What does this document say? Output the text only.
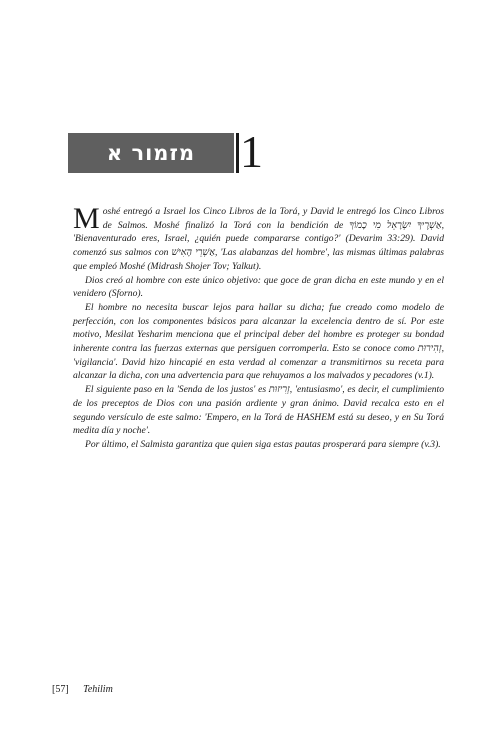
מזמור א 1

Moshé entregó a Israel los Cinco Libros de la Torá, y David le entregó los Cinco Libros de Salmos. Moshé finalizó la Torá con la bendición de אַשְׁרֶיךָ יִשְׂרָאֵל מִי כָמוֹךָ, 'Bienaventurado eres, Israel, ¿quién puede compararse contigo?' (Devarim 33:29). David comenzó sus salmos con אַשְׁרֵי הָאִישׁ, 'Las alabanzas del hombre', las mismas últimas palabras que empleó Moshé (Midrash Shojer Tov; Yalkut).

Dios creó al hombre con este único objetivo: que goce de gran dicha en este mundo y en el venidero (Sforno).

El hombre no necesita buscar lejos para hallar su dicha; fue creado como modelo de perfección, con los componentes básicos para alcanzar la excelencia dentro de sí. Por este motivo, Mesilat Yesharim menciona que el principal deber del hombre es proteger su bondad inherente contra las fuerzas externas que persiguen corromperla. Esto se conoce como זְהִירוּת, 'vigilancia'. David hizo hincapié en esta verdad al comenzar a transmitirnos su receta para alcanzar la dicha, con una advertencia para que rehuyamos a los malvados y pecadores (v.1).

El siguiente paso en la 'Senda de los justos' es זְרִיזוּת, 'entusiasmo', es decir, el cumplimiento de los preceptos de Dios con una pasión ardiente y gran ánimo. David recalca esto en el segundo versículo de este salmo: 'Empero, en la Torá de HASHEM está su deseo, y en Su Torá medita día y noche'.

Por último, el Salmista garantiza que quien siga estas pautas prosperará para siempre (v.3).

[57] Tehilim
